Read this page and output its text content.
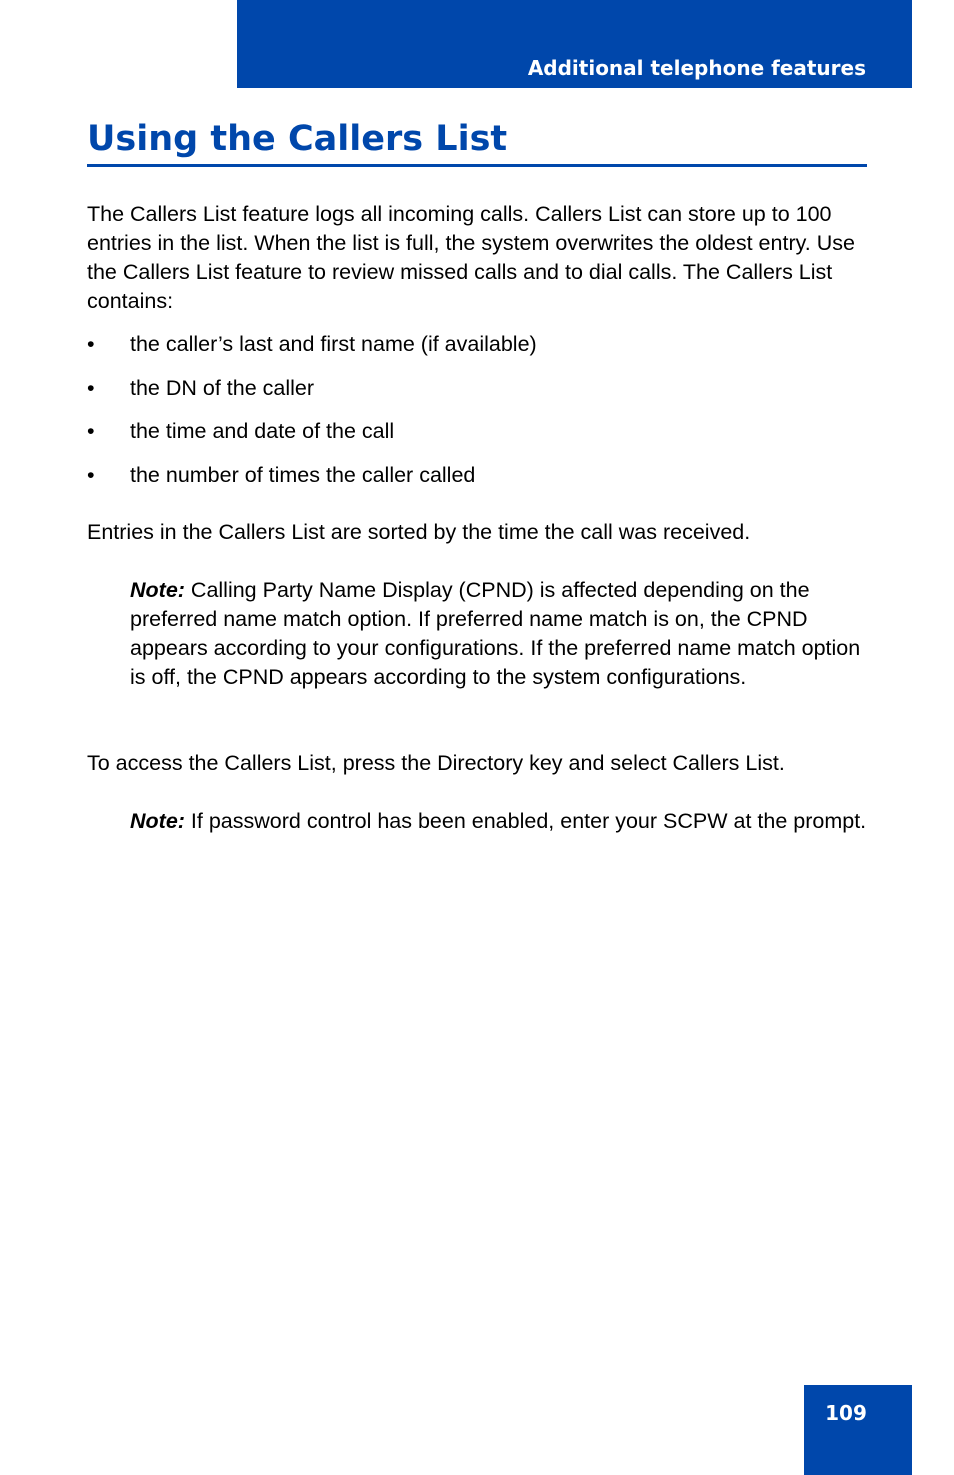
Additional telephone features
Using the Callers List

The Callers List feature logs all incoming calls. Callers List can store up to 100 entries in the list. When the list is full, the system overwrites the oldest entry. Use the Callers List feature to review missed calls and to dial calls. The Callers List contains:

•	the caller’s last and first name (if available)
•	the DN of the caller
•	the time and date of the call
•	the number of times the caller called

Entries in the Callers List are sorted by the time the call was received.

Note: Calling Party Name Display (CPND) is affected depending on the preferred name match option. If preferred name match is on, the CPND appears according to your configurations. If the preferred name match option is off, the CPND appears according to the system configurations.

To access the Callers List, press the Directory key and select Callers List.

Note: If password control has been enabled, enter your SCPW at the prompt.

109
